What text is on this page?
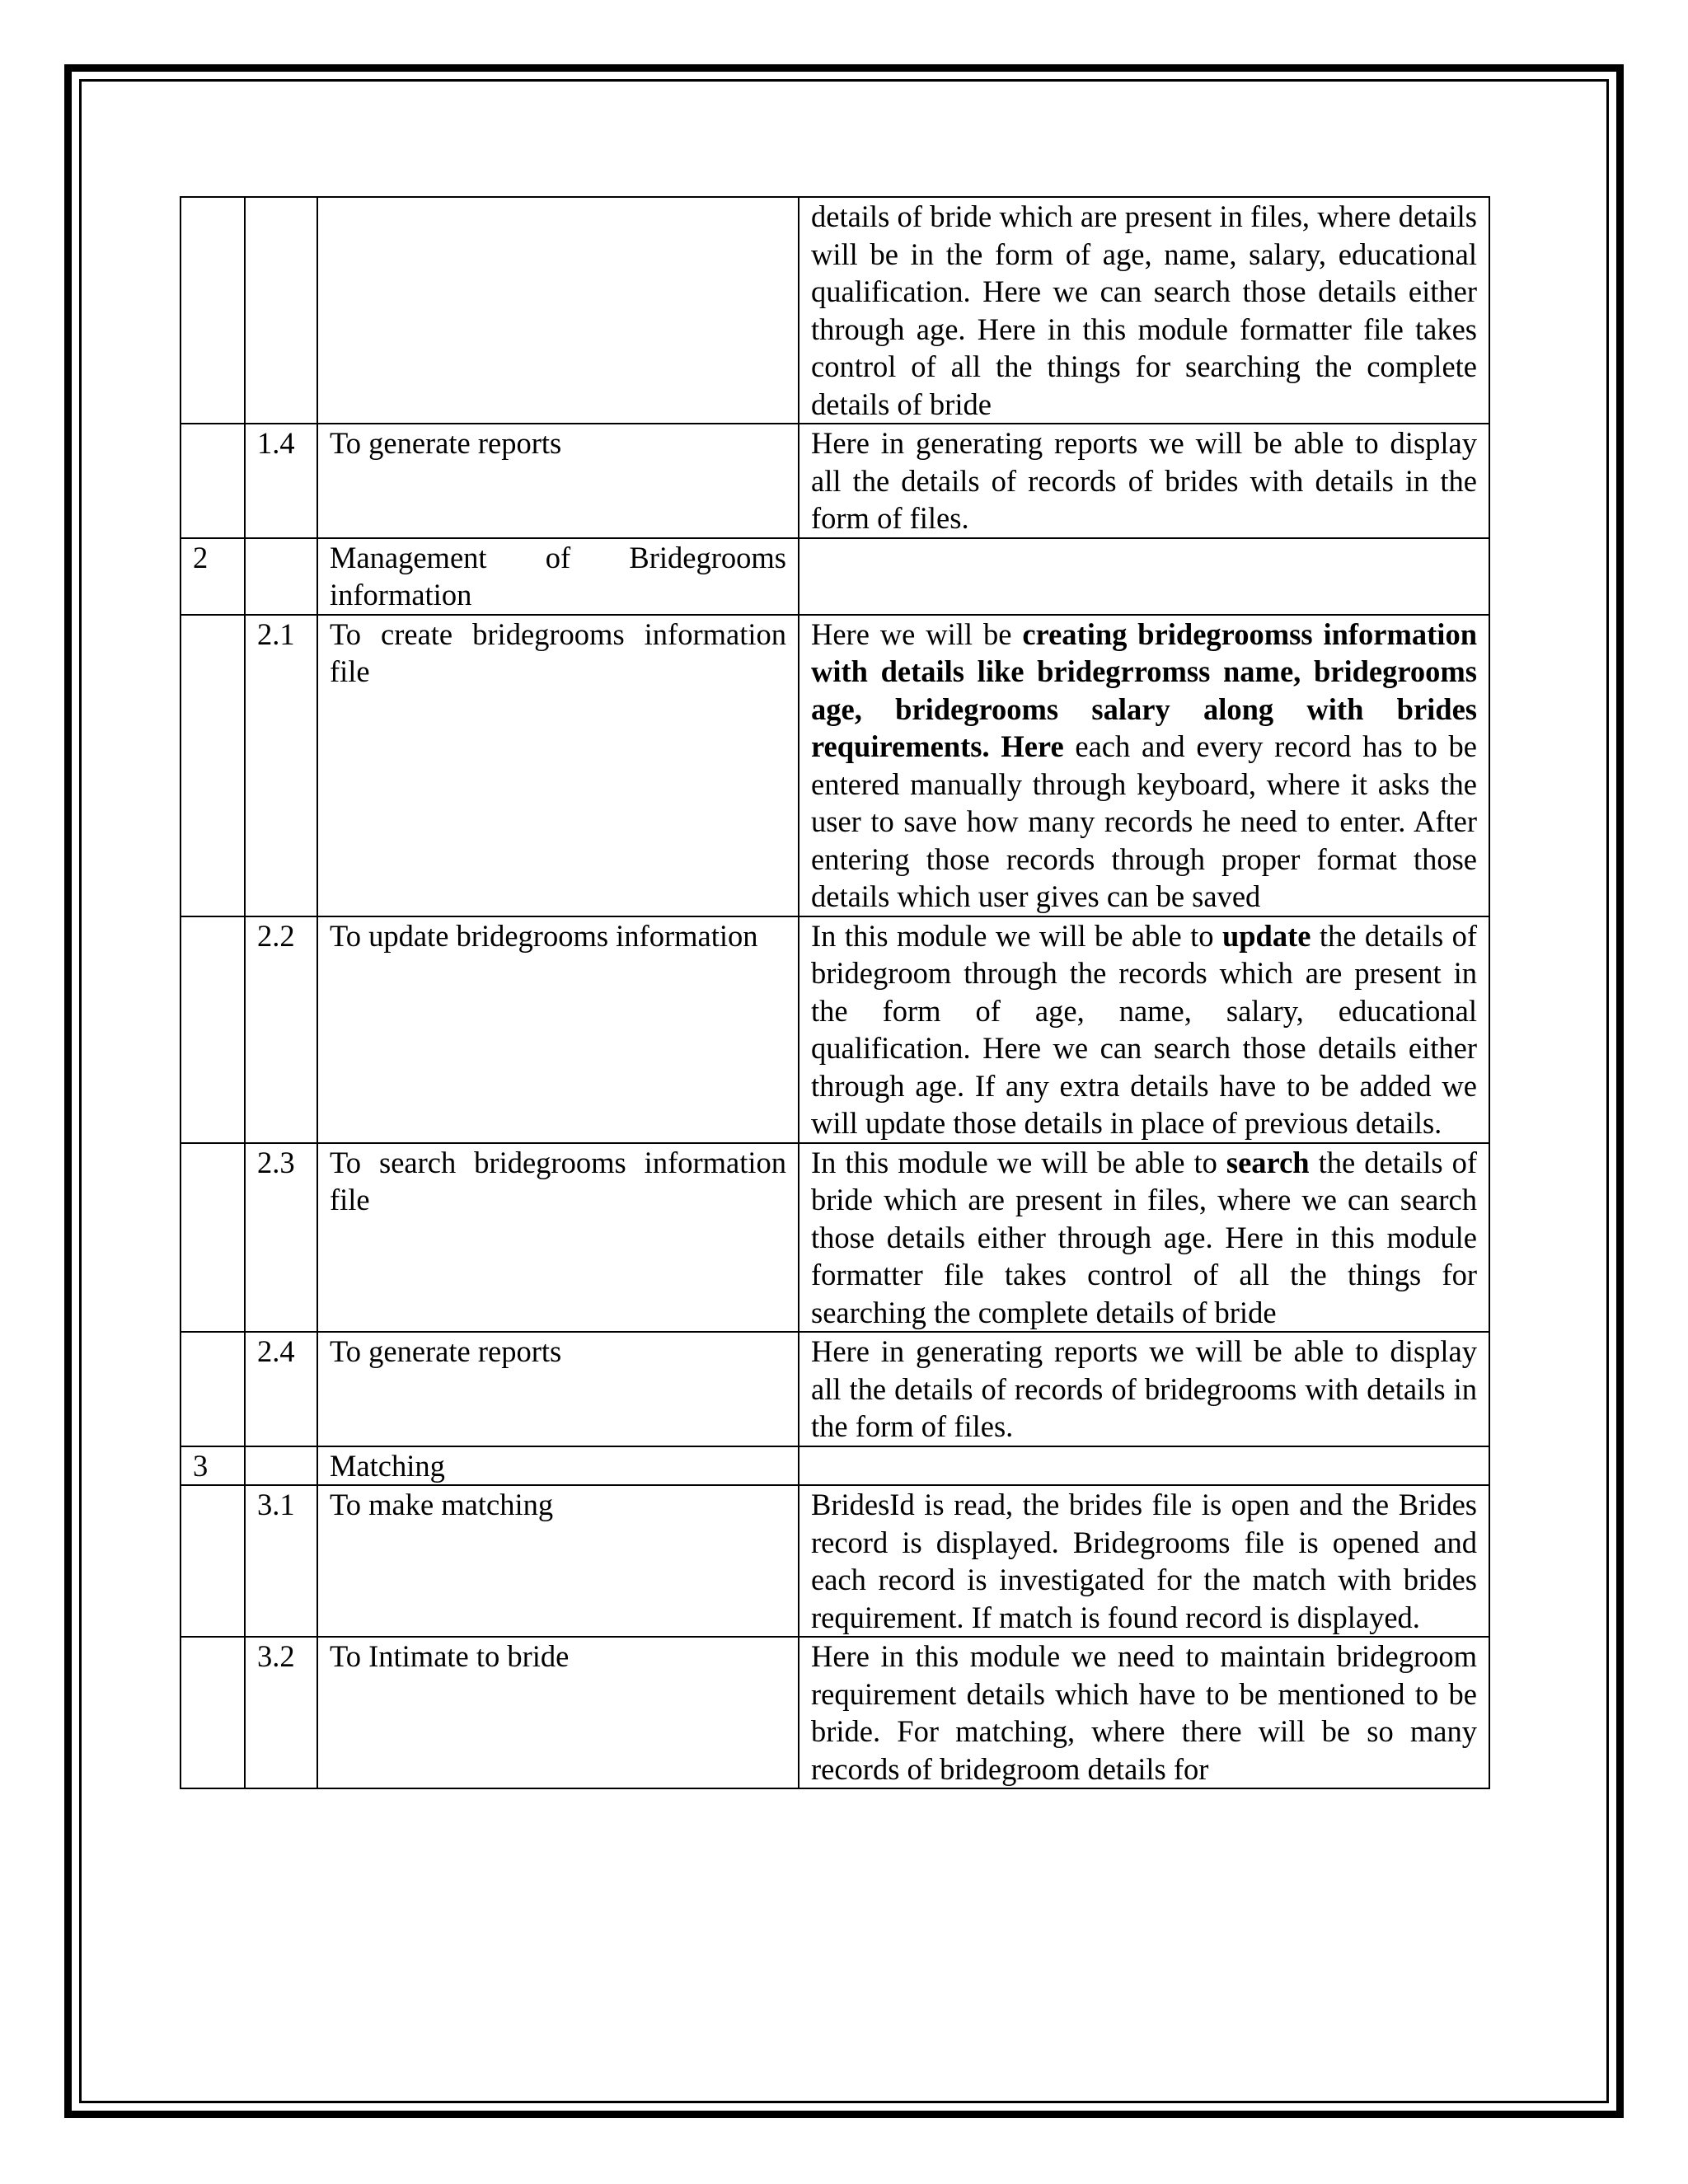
			details of bride which are present in files, where details will be in the form of age, name, salary, educational qualification. Here we can search those details either through age. Here in this module formatter file takes control of all the things for searching the complete details of bride
	1.4	To generate reports	Here in generating reports we will be able to display all the details of records of brides with details in the form of files.
2		Management of Bridegrooms information	
	2.1	To create bridegrooms information file	Here we will be creating bridegroomss information with details like bridegrromss name, bridegrooms age, bridegrooms salary along with brides requirements. Here each and every record has to be entered manually through keyboard, where it asks the user to save how many records he need to enter. After entering those records through proper format those details which user gives can be saved
	2.2	To update bridegrooms information	In this module we will be able to update the details of bridegroom through the records which are present in the form of age, name, salary, educational qualification. Here we can search those details either through age. If any extra details have to be added we will update those details in place of previous details.
	2.3	To search bridegrooms information file	In this module we will be able to search the details of bride which are present in files, where we can search those details either through age. Here in this module formatter file takes control of all the things for searching the complete details of bride
	2.4	To generate reports	Here in generating reports we will be able to display all the details of records of bridegrooms with details in the form of files.
3		Matching	
	3.1	To make matching	BridesId is read, the brides file is open and the Brides record is displayed. Bridegrooms file is opened and each record is investigated for the match with brides requirement. If match is found record is displayed.
	3.2	To Intimate to bride	Here in this module we need to maintain bridegroom requirement details which have to be mentioned to be bride. For matching, where there will be so many records of bridegroom details for
